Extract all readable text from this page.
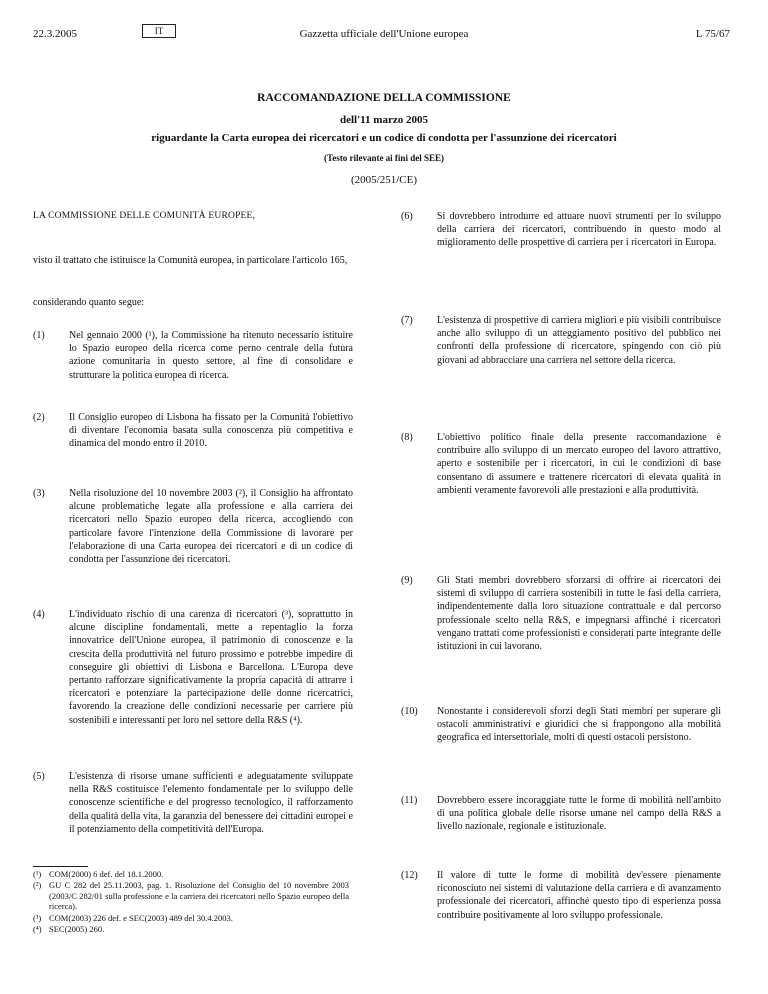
22.3.2005	IT	Gazzetta ufficiale dell'Unione europea	L 75/67
RACCOMANDAZIONE DELLA COMMISSIONE
dell'11 marzo 2005
riguardante la Carta europea dei ricercatori e un codice di condotta per l'assunzione dei ricercatori
(Testo rilevante ai fini del SEE)
(2005/251/CE)
LA COMMISSIONE DELLE COMUNITÀ EUROPEE,
visto il trattato che istituisce la Comunità europea, in particolare l'articolo 165,
considerando quanto segue:
(1)	Nel gennaio 2000 (¹), la Commissione ha ritenuto necessario istituire lo Spazio europeo della ricerca come perno centrale della futura azione comunitaria in questo settore, al fine di consolidare e strutturare la politica europea di ricerca.
(2)	Il Consiglio europeo di Lisbona ha fissato per la Comunità l'obiettivo di diventare l'economia basata sulla conoscenza più competitiva e dinamica del mondo entro il 2010.
(3)	Nella risoluzione del 10 novembre 2003 (²), il Consiglio ha affrontato alcune problematiche legate alla professione e alla carriera dei ricercatori nello Spazio europeo della ricerca, accogliendo con particolare favore l'intenzione della Commissione di lavorare per l'elaborazione di una Carta europea dei ricercatori e di un codice di condotta per l'assunzione dei ricercatori.
(4)	L'individuato rischio di una carenza di ricercatori (³), soprattutto in alcune discipline fondamentali, mette a repentaglio la forza innovatrice dell'Unione europea, il patrimonio di conoscenze e la crescita della produttività nel futuro prossimo e potrebbe impedire di conseguire gli obiettivi di Lisbona e Barcellona. L'Europa deve pertanto rafforzare significativamente la propria capacità di attrarre i ricercatori e potenziare la partecipazione delle donne ricercatrici, favorendo la creazione delle condizioni necessarie per carriere più sostenibili e interessanti per loro nel settore della R&S (⁴).
(5)	L'esistenza di risorse umane sufficienti e adeguatamente sviluppate nella R&S costituisce l'elemento fondamentale per lo sviluppo delle conoscenze scientifiche e del progresso tecnologico, il rafforzamento della qualità della vita, la garanzia del benessere dei cittadini europei e il potenziamento della competitività dell'Europa.
(¹) COM(2000) 6 def. del 18.1.2000.
(²) GU C 282 del 25.11.2003, pag. 1. Risoluzione del Consiglio del 10 novembre 2003 (2003/C 282/01 sulla professione e la carriera dei ricercatori nello Spazio europeo della ricerca).
(³) COM(2003) 226 def. e SEC(2003) 489 del 30.4.2003.
(⁴) SEC(2005) 260.
(6)	Si dovrebbero introdurre ed attuare nuovi strumenti per lo sviluppo della carriera dei ricercatori, contribuendo in questo modo al miglioramento delle prospettive di carriera per i ricercatori in Europa.
(7)	L'esistenza di prospettive di carriera migliori e più visibili contribuisce anche allo sviluppo di un atteggiamento positivo del pubblico nei confronti della professione di ricercatore, spingendo con ciò più giovani ad abbracciare una carriera nel settore della ricerca.
(8)	L'obiettivo politico finale della presente raccomandazione è contribuire allo sviluppo di un mercato europeo del lavoro attrattivo, aperto e sostenibile per i ricercatori, in cui le condizioni di base consentano di assumere e trattenere ricercatori di elevata qualità in ambienti veramente favorevoli alle prestazioni e alla produttività.
(9)	Gli Stati membri dovrebbero sforzarsi di offrire ai ricercatori dei sistemi di sviluppo di carriera sostenibili in tutte le fasi della carriera, indipendentemente dalla loro situazione contrattuale e dal percorso professionale scelto nella R&S, e impegnarsi affinché i ricercatori vengano trattati come professionisti e considerati parte integrante delle istituzioni in cui lavorano.
(10)	Nonostante i considerevoli sforzi degli Stati membri per superare gli ostacoli amministrativi e giuridici che si frappongono alla mobilità geografica ed intersettoriale, molti di questi ostacoli persistono.
(11)	Dovrebbero essere incoraggiate tutte le forme di mobilità nell'ambito di una politica globale delle risorse umane nel campo della R&S a livello nazionale, regionale e istituzionale.
(12)	Il valore di tutte le forme di mobilità dev'essere pienamente riconosciuto nei sistemi di valutazione della carriera e di avanzamento professionale dei ricercatori, affinché questo tipo di esperienza possa contribuire positivamente al loro sviluppo professionale.
